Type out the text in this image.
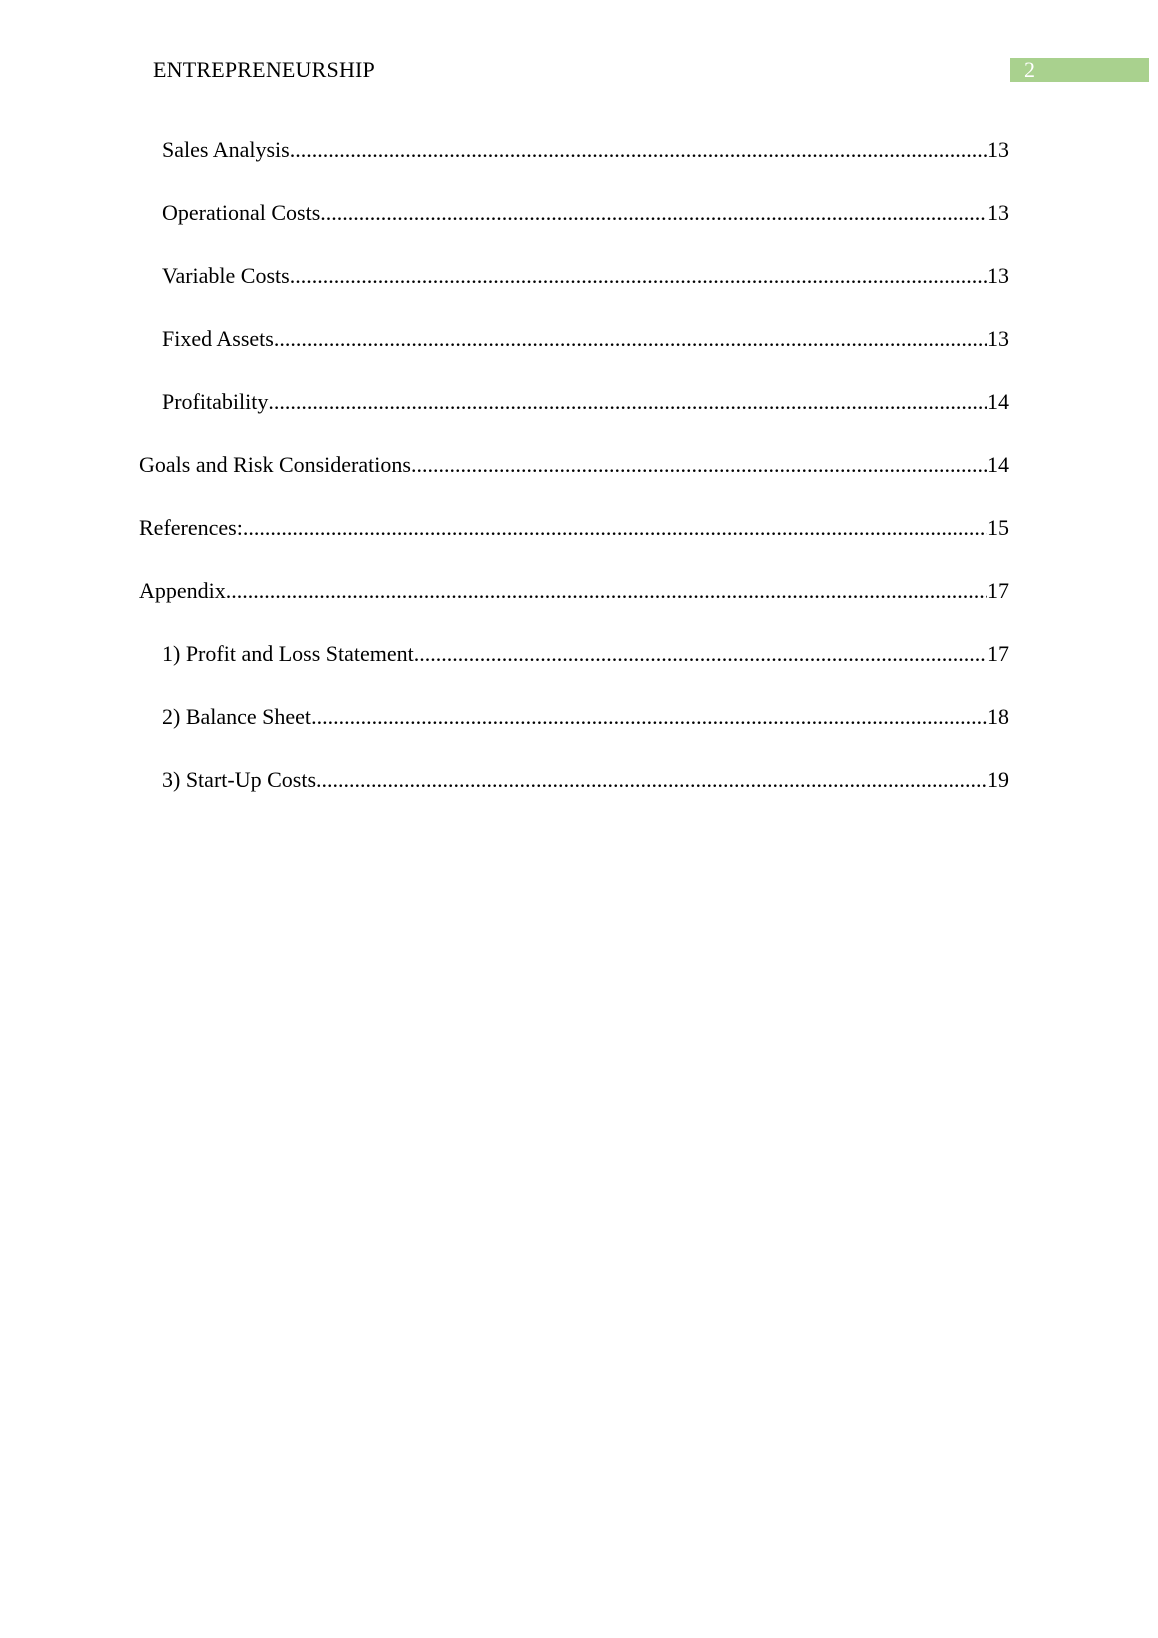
ENTREPRENEURSHIP	2
Sales Analysis .....	13
Operational Costs .....	13
Variable Costs .....	13
Fixed Assets .....	13
Profitability .....	14
Goals and Risk Considerations .....	14
References: .....	15
Appendix .....	17
1) Profit and Loss Statement .....	17
2) Balance Sheet .....	18
3) Start-Up Costs .....	19
